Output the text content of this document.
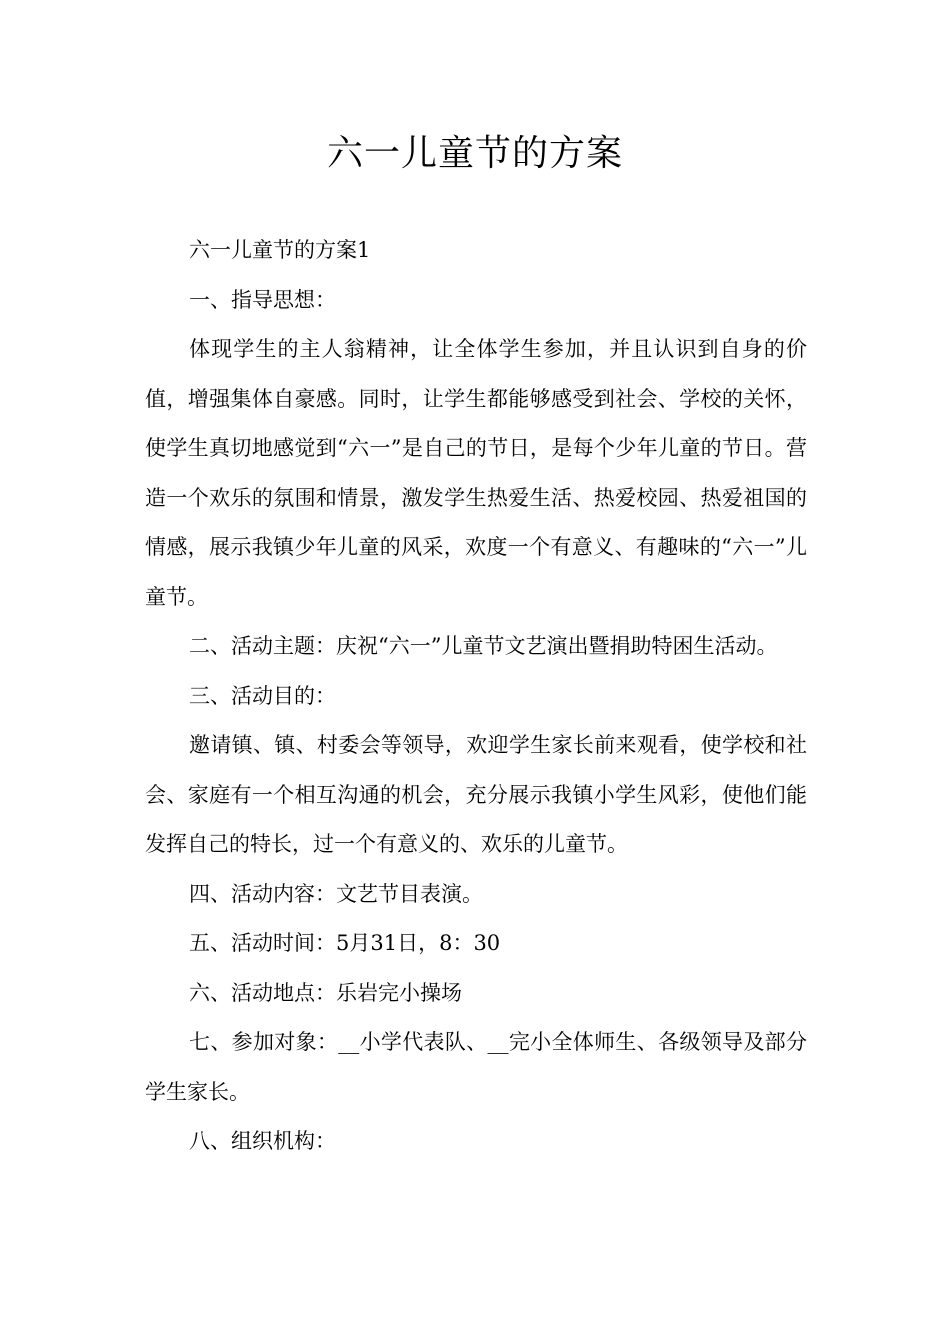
六一儿童节的方案

六一儿童节的方案1

一、指导思想：

体现学生的主人翁精神，让全体学生参加，并且认识到自身的价值，增强集体自豪感。同时，让学生都能够感受到社会、学校的关怀，使学生真切地感觉到“六一”是自己的节日，是每个少年儿童的节日。营造一个欢乐的氛围和情景，激发学生热爱生活、热爱校园、热爱祖国的情感，展示我镇少年儿童的风采，欢度一个有意义、有趣味的“六一”儿童节。

二、活动主题：庆祝“六一”儿童节文艺演出暨捐助特困生活动。

三、活动目的：

邀请镇、镇、村委会等领导，欢迎学生家长前来观看，使学校和社会、家庭有一个相互沟通的机会，充分展示我镇小学生风彩，使他们能发挥自己的特长，过一个有意义的、欢乐的儿童节。

四、活动内容：文艺节目表演。

五、活动时间：5月31日，8：30

六、活动地点：乐岩完小操场

七、参加对象：__小学代表队、__完小全体师生、各级领导及部分学生家长。

八、组织机构：
